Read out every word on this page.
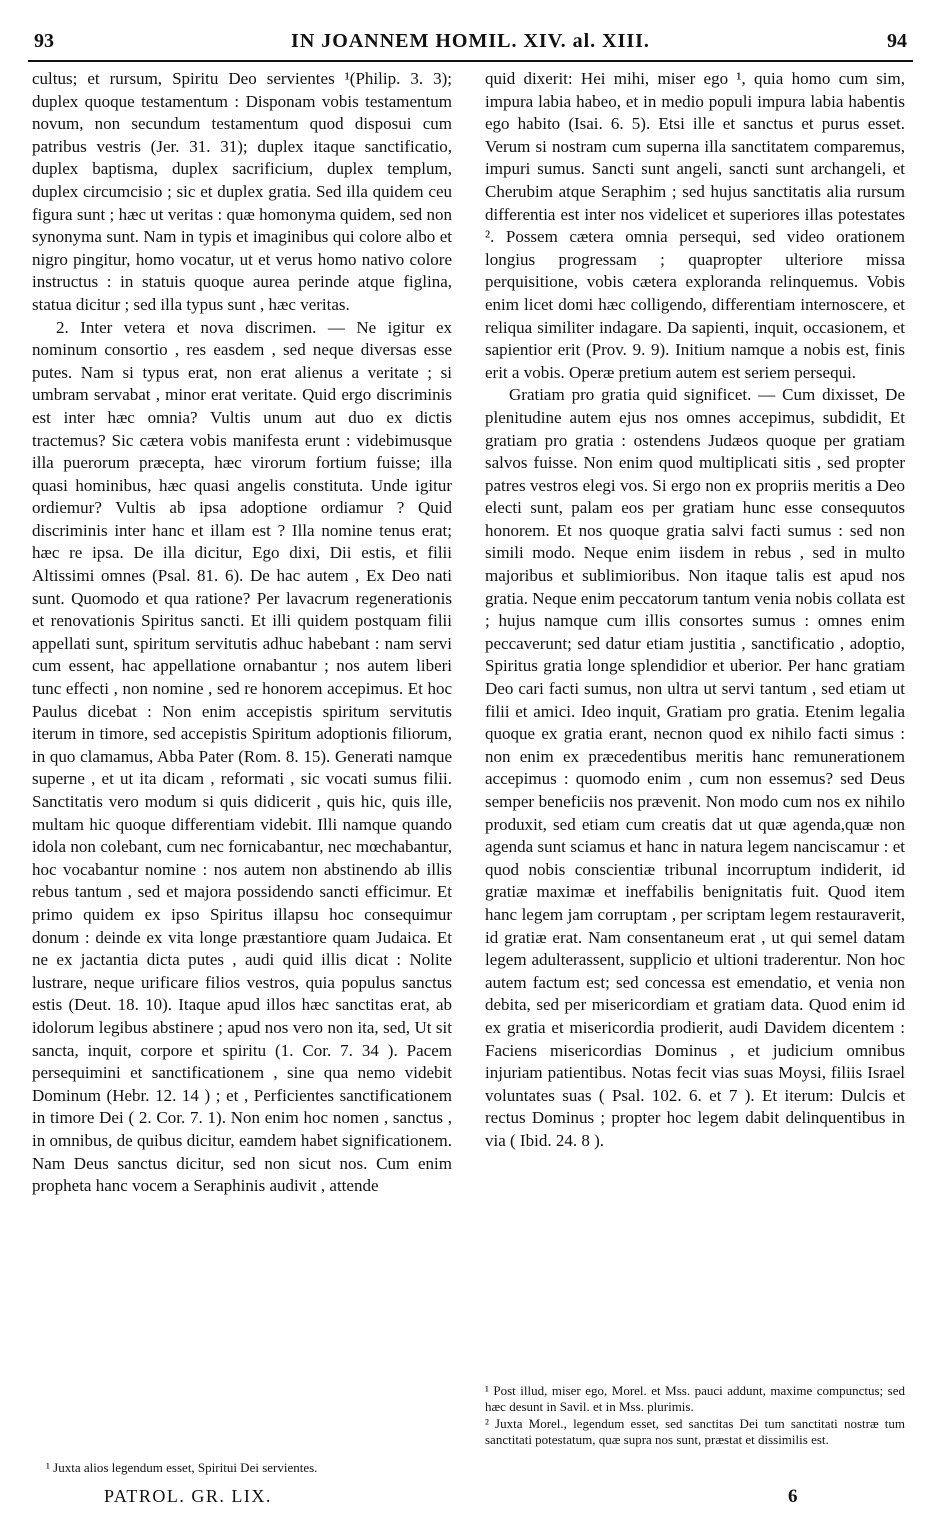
93	IN JOANNEM HOMIL. XIV. al. XIII.	94

cultus; et rursum, Spiritu Deo servientes ¹(Philip. 3. 3); duplex quoque testamentum : Disponam vobis testamentum novum, non secundum testamentum quod disposui cum patribus vestris (Jer. 31. 31); duplex itaque sanctificatio, duplex baptisma, duplex sacrificium, duplex templum, duplex circumcisio ; sic et duplex gratia. Sed illa quidem ceu figura sunt ; hæc ut veritas : quæ homonyma quidem, sed non synonyma sunt. Nam in typis et imaginibus qui colore albo et nigro pingitur, homo vocatur, ut et verus homo nativo colore instructus : in statuis quoque aurea perinde atque figlina, statua dicitur ; sed illa typus sunt , hæc veritas.

2. Inter vetera et nova discrimen. — Ne igitur ex nominum consortio , res easdem , sed neque diversas esse putes. Nam si typus erat, non erat alienus a veritate ; si umbram servabat , minor erat veritate. Quid ergo discriminis est inter hæc omnia? Vultis unum aut duo ex dictis tractemus? Sic cætera vobis manifesta erunt : videbimusque illa puerorum præcepta, hæc virorum fortium fuisse; illa quasi hominibus, hæc quasi angelis constituta. Unde igitur ordiemur? Vultis ab ipsa adoptione ordiamur ? Quid discriminis inter hanc et illam est ? Illa nomine tenus erat; hæc re ipsa. De illa dicitur, Ego dixi, Dii estis, et filii Altissimi omnes (Psal. 81. 6). De hac autem , Ex Deo nati sunt. Quomodo et qua ratione? Per lavacrum regenerationis et renovationis Spiritus sancti. Et illi quidem postquam filii appellati sunt, spiritum servitutis adhuc habebant : nam servi cum essent, hac appellatione ornabantur ; nos autem liberi tunc effecti , non nomine , sed re honorem accepimus. Et hoc Paulus dicebat : Non enim accepistis spiritum servitutis iterum in timore, sed accepistis Spiritum adoptionis filiorum, in quo clamamus, Abba Pater (Rom. 8. 15). Generati namque superne , et ut ita dicam , reformati , sic vocati sumus filii. Sanctitatis vero modum si quis didicerit , quis hic, quis ille, multam hic quoque differentiam videbit. Illi namque quando idola non colebant, cum nec fornicabantur, nec mœchabantur, hoc vocabantur nomine : nos autem non abstinendo ab illis rebus tantum , sed et majora possidendo sancti efficimur. Et primo quidem ex ipso Spiritus illapsu hoc consequimur donum : deinde ex vita longe præstantiore quam Judaica. Et ne ex jactantia dicta putes , audi quid illis dicat : Nolite lustrare, neque urificare filios vestros, quia populus sanctus estis (Deut. 18. 10). Itaque apud illos hæc sanctitas erat, ab idolorum legibus abstinere ; apud nos vero non ita, sed, Ut sit sancta, inquit, corpore et spiritu (1. Cor. 7. 34 ). Pacem persequimini et sanctificationem , sine qua nemo videbit Dominum (Hebr. 12. 14 ) ; et , Perficientes sanctificationem in timore Dei ( 2. Cor. 7. 1). Non enim hoc nomen , sanctus , in omnibus, de quibus dicitur, eamdem habet significationem. Nam Deus sanctus dicitur, sed non sicut nos. Cum enim propheta hanc vocem a Seraphinis audivit , attende

quid dixerit: Hei mihi, miser ego ¹, quia homo cum sim, impura labia habeo, et in medio populi impura labia habentis ego habito (Isai. 6. 5). Etsi ille et sanctus et purus esset. Verum si nostram cum superna illa sanctitatem comparemus, impuri sumus. Sancti sunt angeli, sancti sunt archangeli, et Cherubim atque Seraphim ; sed hujus sanctitatis alia rursum differentia est inter nos videlicet et superiores illas potestates ². Possem cætera omnia persequi, sed video orationem longius progressam ; quapropter ulteriore missa perquisitione, vobis cætera exploranda relinquemus. Vobis enim licet domi hæc colligendo, differentiam internoscere, et reliqua similiter indagare. Da sapienti, inquit, occasionem, et sapientior erit (Prov. 9. 9). Initium namque a nobis est, finis erit a vobis. Operæ pretium autem est seriem persequi.

Gratiam pro gratia quid significet. — Cum dixisset, De plenitudine autem ejus nos omnes accepimus, subdidit, Et gratiam pro gratia : ostendens Judæos quoque per gratiam salvos fuisse. Non enim quod multiplicati sitis , sed propter patres vestros elegi vos. Si ergo non ex propriis meritis a Deo electi sunt, palam eos per gratiam hunc esse consequutos honorem. Et nos quoque gratia salvi facti sumus : sed non simili modo. Neque enim iisdem in rebus , sed in multo majoribus et sublimioribus. Non itaque talis est apud nos gratia. Neque enim peccatorum tantum venia nobis collata est ; hujus namque cum illis consortes sumus : omnes enim peccaverunt; sed datur etiam justitia , sanctificatio , adoptio, Spiritus gratia longe splendidior et uberior. Per hanc gratiam Deo cari facti sumus, non ultra ut servi tantum , sed etiam ut filii et amici. Ideo inquit, Gratiam pro gratia. Etenim legalia quoque ex gratia erant, necnon quod ex nihilo facti simus : non enim ex præcedentibus meritis hanc remunerationem accepimus : quomodo enim , cum non essemus? sed Deus semper beneficiis nos prævenit. Non modo cum nos ex nihilo produxit, sed etiam cum creatis dat ut quæ agenda,quæ non agenda sunt sciamus et hanc in natura legem nanciscamur : et quod nobis conscientiæ tribunal incorruptum indiderit, id gratiæ maximæ et ineffabilis benignitatis fuit. Quod item hanc legem jam corruptam , per scriptam legem restauraverit, id gratiæ erat. Nam consentaneum erat , ut qui semel datam legem adulterassent, supplicio et ultioni traderentur. Non hoc autem factum est; sed concessa est emendatio, et venia non debita, sed per misericordiam et gratiam data. Quod enim id ex gratia et misericordia prodierit, audi Davidem dicentem : Faciens misericordias Dominus , et judicium omnibus injuriam patientibus. Notas fecit vias suas Moysi, filiis Israel voluntates suas ( Psal. 102. 6. et 7 ). Et iterum: Dulcis et rectus Dominus ; propter hoc legem dabit delinquentibus in via ( Ibid. 24. 8 ).

¹ Juxta alios legendum esset, Spiritui Dei servientes.

PATROL. GR. LIX.

¹ Post illud, miser ego, Morel. et Mss. pauci addunt, maxime compunctus; sed hæc desunt in Savil. et in Mss. plurimis.

² Juxta Morel., legendum esset, sed sanctitas Dei tum sanctitati nostræ tum sanctitati potestatum, quæ supra nos sunt, præstat et dissimilis est.

6
